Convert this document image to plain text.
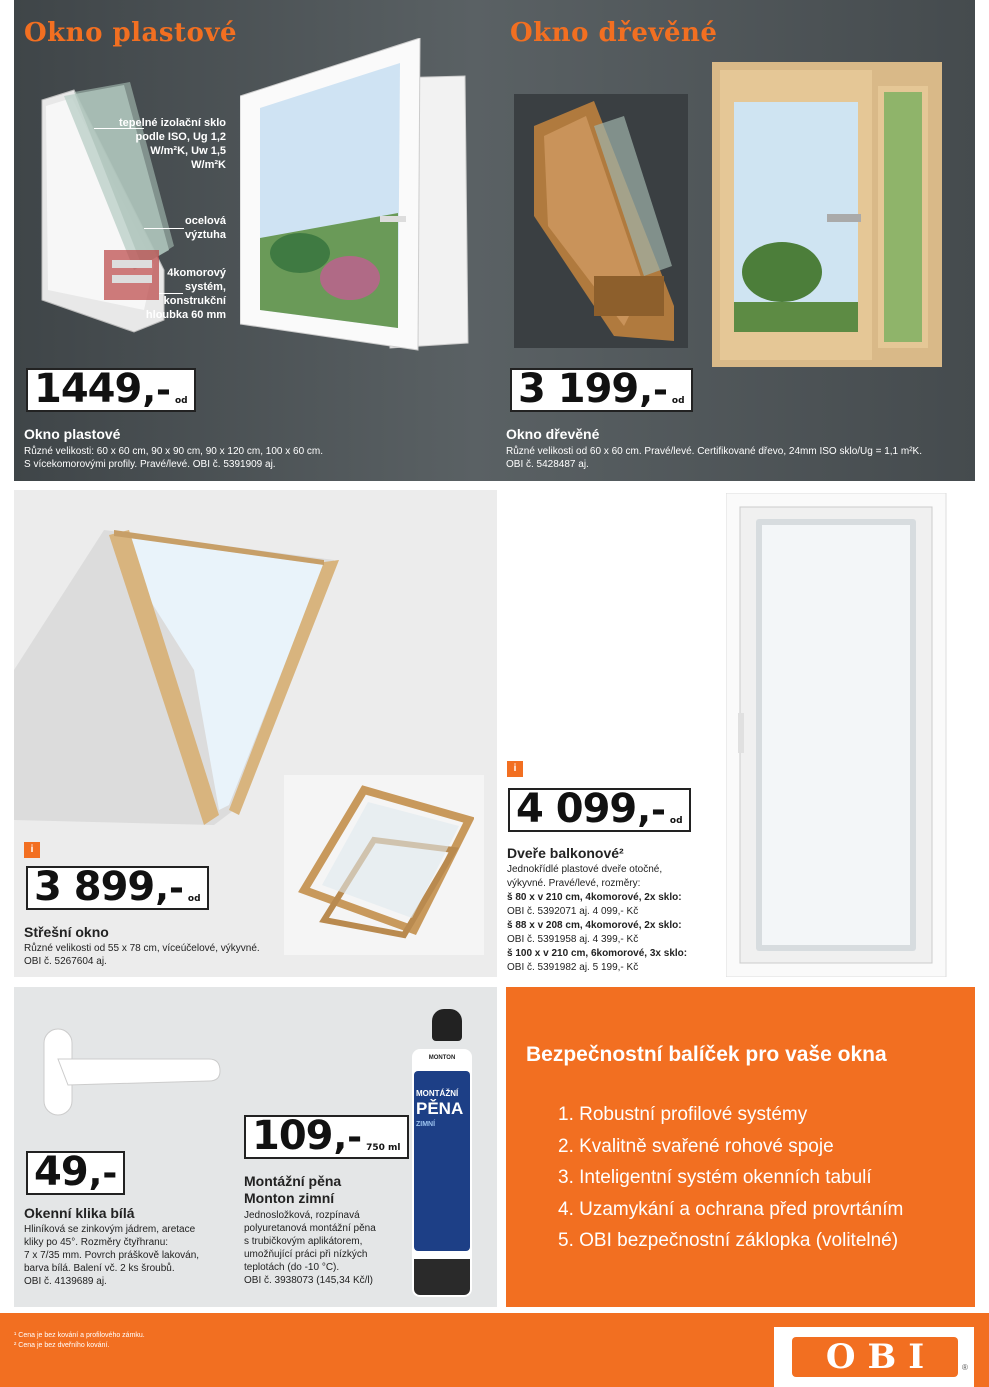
Okno plastové	Okno dřevěné
tepelné izolační sklo podle ISO, Ug 1,2 W/m²K, Uw 1,5 W/m²K
ocelová výztuha
4komorový systém, konstrukční hloubka 60 mm
1449 ,- od
Okno plastové
Různé velikosti: 60 x 60 cm, 90 x 90 cm, 90 x 120 cm, 100 x 60 cm.
S vícekomorovými profily. Pravé/levé. OBI č. 5391909 aj.
3 199 ,- od
Okno dřevěné
Různé velikosti od 60 x 60 cm. Pravé/levé. Certifikované dřevo, 24mm ISO sklo/Ug = 1,1 m²K.
OBI č. 5428487 aj.
i
3 899 ,- od
Střešní okno
Různé velikosti od 55 x 78 cm, víceúčelové, výkyvné.
OBI č. 5267604 aj.
i
4 099 ,- od
Dveře balkonové²
Jednokřídlé plastové dveře otočné,
výkyvné. Pravé/levé, rozměry:
š 80 x v 210 cm, 4komorové, 2x sklo:
OBI č. 5392071 aj. 4 099,- Kč
š 88 x v 208 cm, 4komorové, 2x sklo:
OBI č. 5391958 aj. 4 399,- Kč
š 100 x v 210 cm, 6komorové, 3x sklo:
OBI č. 5391982 aj. 5 199,- Kč
49 ,-
Okenní klika bílá
Hliníková se zinkovým jádrem, aretace
kliky po 45°. Rozměry čtyřhranu:
7 x 7/35 mm. Povrch práškově lakován,
barva bílá. Balení vč. 2 ks šroubů.
OBI č. 4139689 aj.
109 ,- 750 ml
Montážní pěna
Monton zimní
Jednosložková, rozpínavá
polyuretanová montážní pěna
s trubičkovým aplikátorem,
umožňující práci při nízkých
teplotách (do -10 °C).
OBI č. 3938073 (145,34 Kč/l)
MONTON
MONTÁŽNÍ
PĚNA
ZIMNÍ
Bezpečnostní balíček pro vaše okna
1. Robustní profilové systémy
2. Kvalitně svařené rohové spoje
3. Inteligentní systém okenních tabulí
4. Uzamykání a ochrana před provrtáním
5. OBI bezpečnostní záklopka (volitelné)
¹ Cena je bez kování a profilového zámku.
² Cena je bez dveřního kování.	OBI	®
